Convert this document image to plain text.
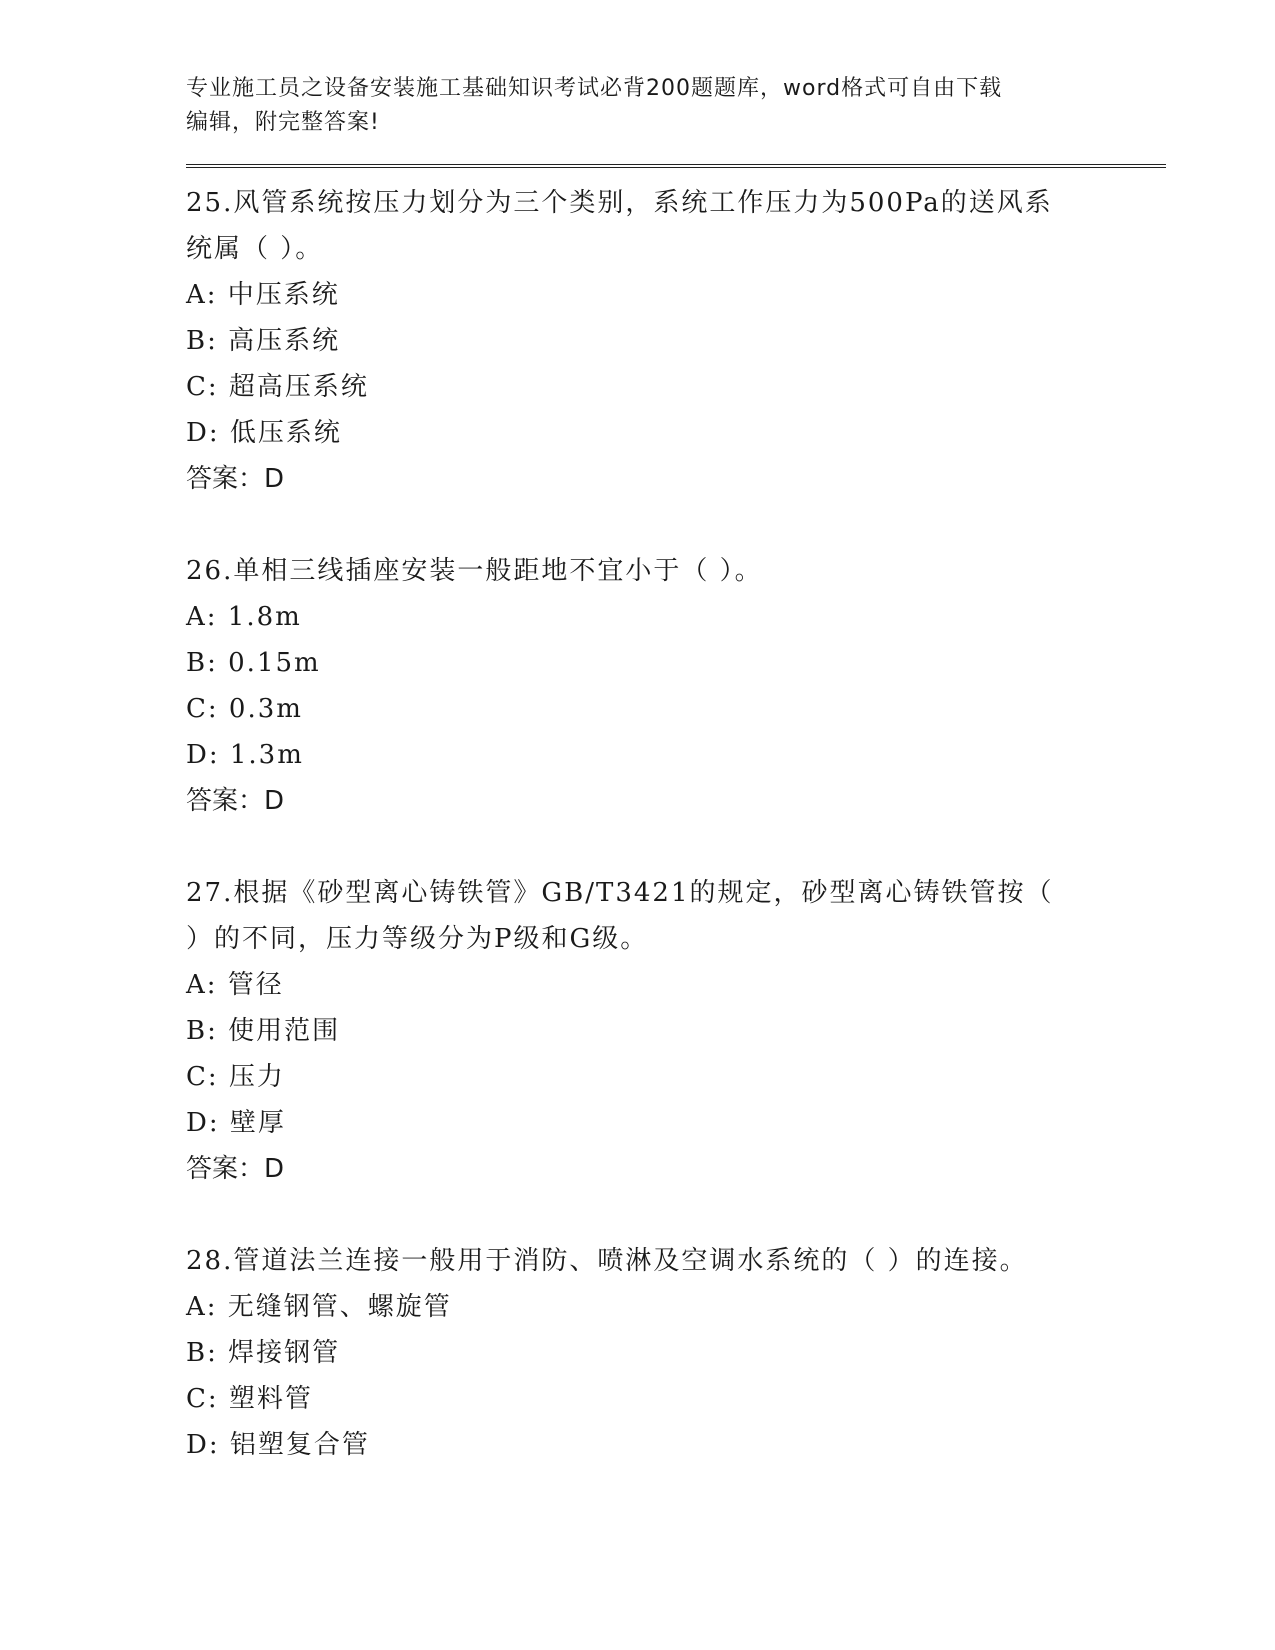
专业施工员之设备安装施工基础知识考试必背200题题库，word格式可自由下载

编辑，附完整答案!

25.风管系统按压力划分为三个类别，系统工作压力为500Pa的送风系

统属（ ）。

A: 中压系统

B: 高压系统

C: 超高压系统

D: 低压系统

答案：D

26.单相三线插座安装一般距地不宜小于（ ）。

A: 1.8m

B: 0.15m

C: 0.3m

D: 1.3m

答案：D

27.根据《砂型离心铸铁管》GB/T3421的规定，砂型离心铸铁管按（

）的不同，压力等级分为P级和G级。

A: 管径

B: 使用范围

C: 压力

D: 壁厚

答案：D

28.管道法兰连接一般用于消防、喷淋及空调水系统的（ ）的连接。

A: 无缝钢管、螺旋管

B: 焊接钢管

C: 塑料管

D: 铝塑复合管
